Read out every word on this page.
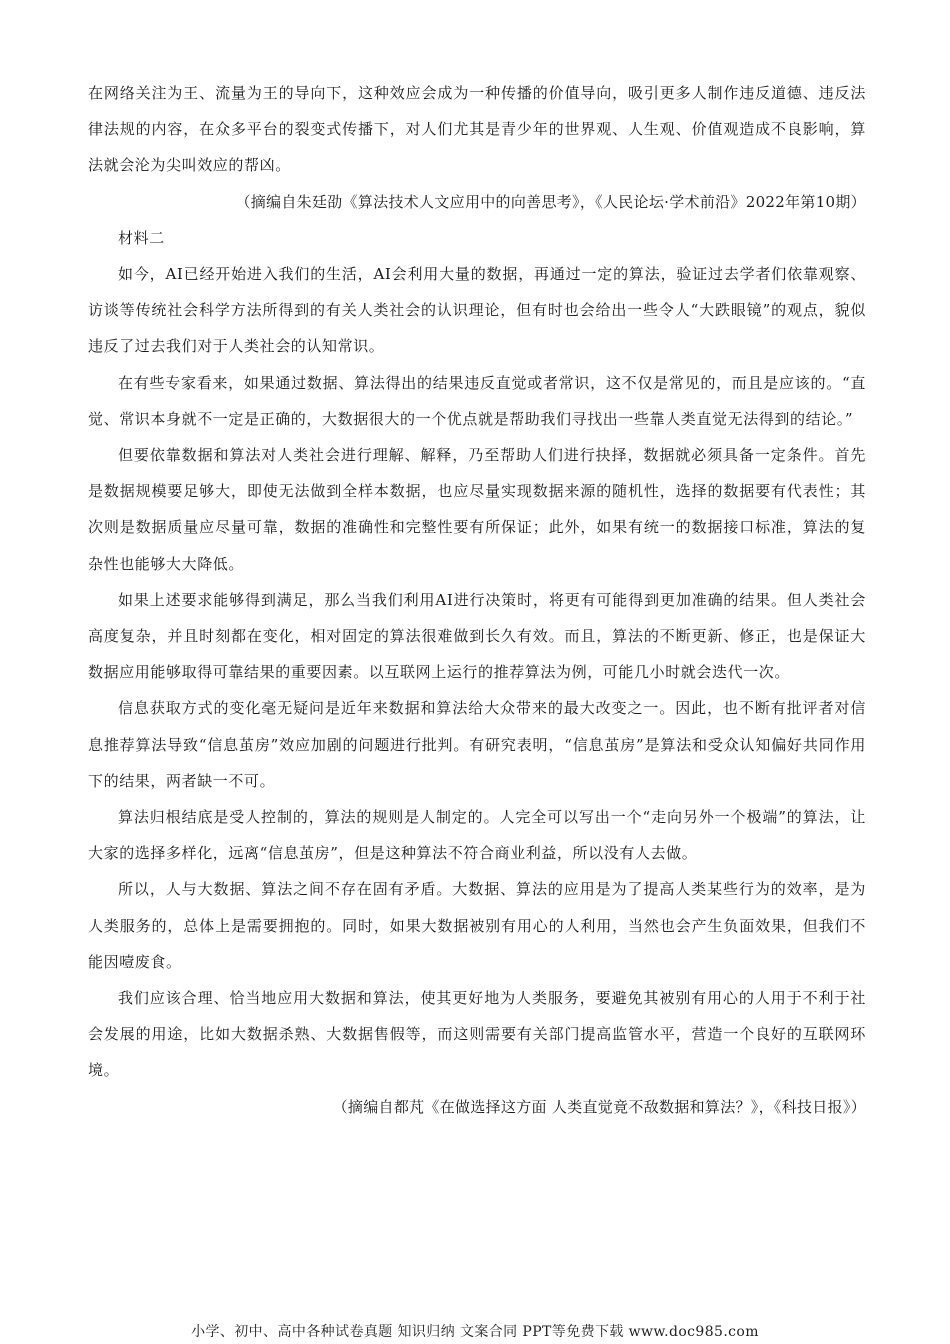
在网络关注为王、流量为王的导向下，这种效应会成为一种传播的价值导向，吸引更多人制作违反道德、违反法律法规的内容，在众多平台的裂变式传播下，对人们尤其是青少年的世界观、人生观、价值观造成不良影响，算法就会沦为尖叫效应的帮凶。

（摘编自朱廷劭《算法技术人文应用中的向善思考》，《人民论坛·学术前沿》2022年第10期）

材料二

如今，AI已经开始进入我们的生活，AI会利用大量的数据，再通过一定的算法，验证过去学者们依靠观察、访谈等传统社会科学方法所得到的有关人类社会的认识理论，但有时也会给出一些令人“大跌眼镜”的观点，貌似违反了过去我们对于人类社会的认知常识。

在有些专家看来，如果通过数据、算法得出的结果违反直觉或者常识，这不仅是常见的，而且是应该的。“直觉、常识本身就不一定是正确的，大数据很大的一个优点就是帮助我们寻找出一些靠人类直觉无法得到的结论。”

但要依靠数据和算法对人类社会进行理解、解释，乃至帮助人们进行抉择，数据就必须具备一定条件。首先是数据规模要足够大，即使无法做到全样本数据，也应尽量实现数据来源的随机性，选择的数据要有代表性；其次则是数据质量应尽量可靠，数据的准确性和完整性要有所保证；此外，如果有统一的数据接口标准，算法的复杂性也能够大大降低。

如果上述要求能够得到满足，那么当我们利用AI进行决策时，将更有可能得到更加准确的结果。但人类社会高度复杂，并且时刻都在变化，相对固定的算法很难做到长久有效。而且，算法的不断更新、修正，也是保证大数据应用能够取得可靠结果的重要因素。以互联网上运行的推荐算法为例，可能几小时就会迭代一次。

信息获取方式的变化毫无疑问是近年来数据和算法给大众带来的最大改变之一。因此，也不断有批评者对信息推荐算法导致“信息茧房”效应加剧的问题进行批判。有研究表明，“信息茧房”是算法和受众认知偏好共同作用下的结果，两者缺一不可。

算法归根结底是受人控制的，算法的规则是人制定的。人完全可以写出一个“走向另外一个极端”的算法，让大家的选择多样化，远离“信息茧房”，但是这种算法不符合商业利益，所以没有人去做。

所以，人与大数据、算法之间不存在固有矛盾。大数据、算法的应用是为了提高人类某些行为的效率，是为人类服务的，总体上是需要拥抱的。同时，如果大数据被别有用心的人利用，当然也会产生负面效果，但我们不能因噎废食。

我们应该合理、恰当地应用大数据和算法，使其更好地为人类服务，要避免其被别有用心的人用于不利于社会发展的用途，比如大数据杀熟、大数据售假等，而这则需要有关部门提高监管水平，营造一个良好的互联网环境。

（摘编自都芃《在做选择这方面 人类直觉竟不敌数据和算法？》，《科技日报》）

小学、初中、高中各种试卷真题 知识归纳 文案合同 PPT等免费下载 www.doc985.com
